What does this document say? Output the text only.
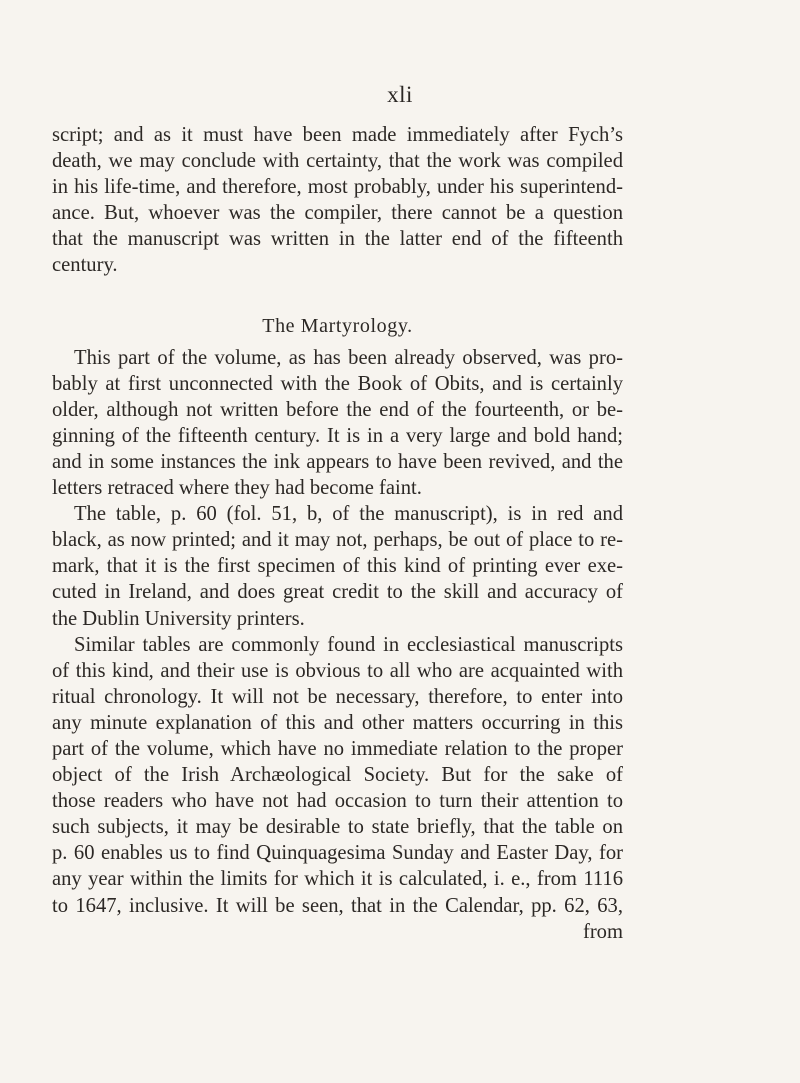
xli
script; and as it must have been made immediately after Fych’s
death, we may conclude with certainty, that the work was compiled
in his life-time, and therefore, most probably, under his superintend-
ance. But, whoever was the compiler, there cannot be a question
that the manuscript was written in the latter end of the fifteenth
century.
The Martyrology.
This part of the volume, as has been already observed, was pro-
bably at first unconnected with the Book of Obits, and is certainly
older, although not written before the end of the fourteenth, or be-
ginning of the fifteenth century. It is in a very large and bold hand;
and in some instances the ink appears to have been revived, and the
letters retraced where they had become faint.
The table, p. 60 (fol. 51, b, of the manuscript), is in red and
black, as now printed; and it may not, perhaps, be out of place to re-
mark, that it is the first specimen of this kind of printing ever exe-
cuted in Ireland, and does great credit to the skill and accuracy of
the Dublin University printers.
Similar tables are commonly found in ecclesiastical manuscripts
of this kind, and their use is obvious to all who are acquainted with
ritual chronology. It will not be necessary, therefore, to enter into
any minute explanation of this and other matters occurring in this
part of the volume, which have no immediate relation to the proper
object of the Irish Archæological Society. But for the sake of
those readers who have not had occasion to turn their attention to
such subjects, it may be desirable to state briefly, that the table on
p. 60 enables us to find Quinquagesima Sunday and Easter Day, for
any year within the limits for which it is calculated, i. e., from 1116
to 1647, inclusive. It will be seen, that in the Calendar, pp. 62, 63,
from
